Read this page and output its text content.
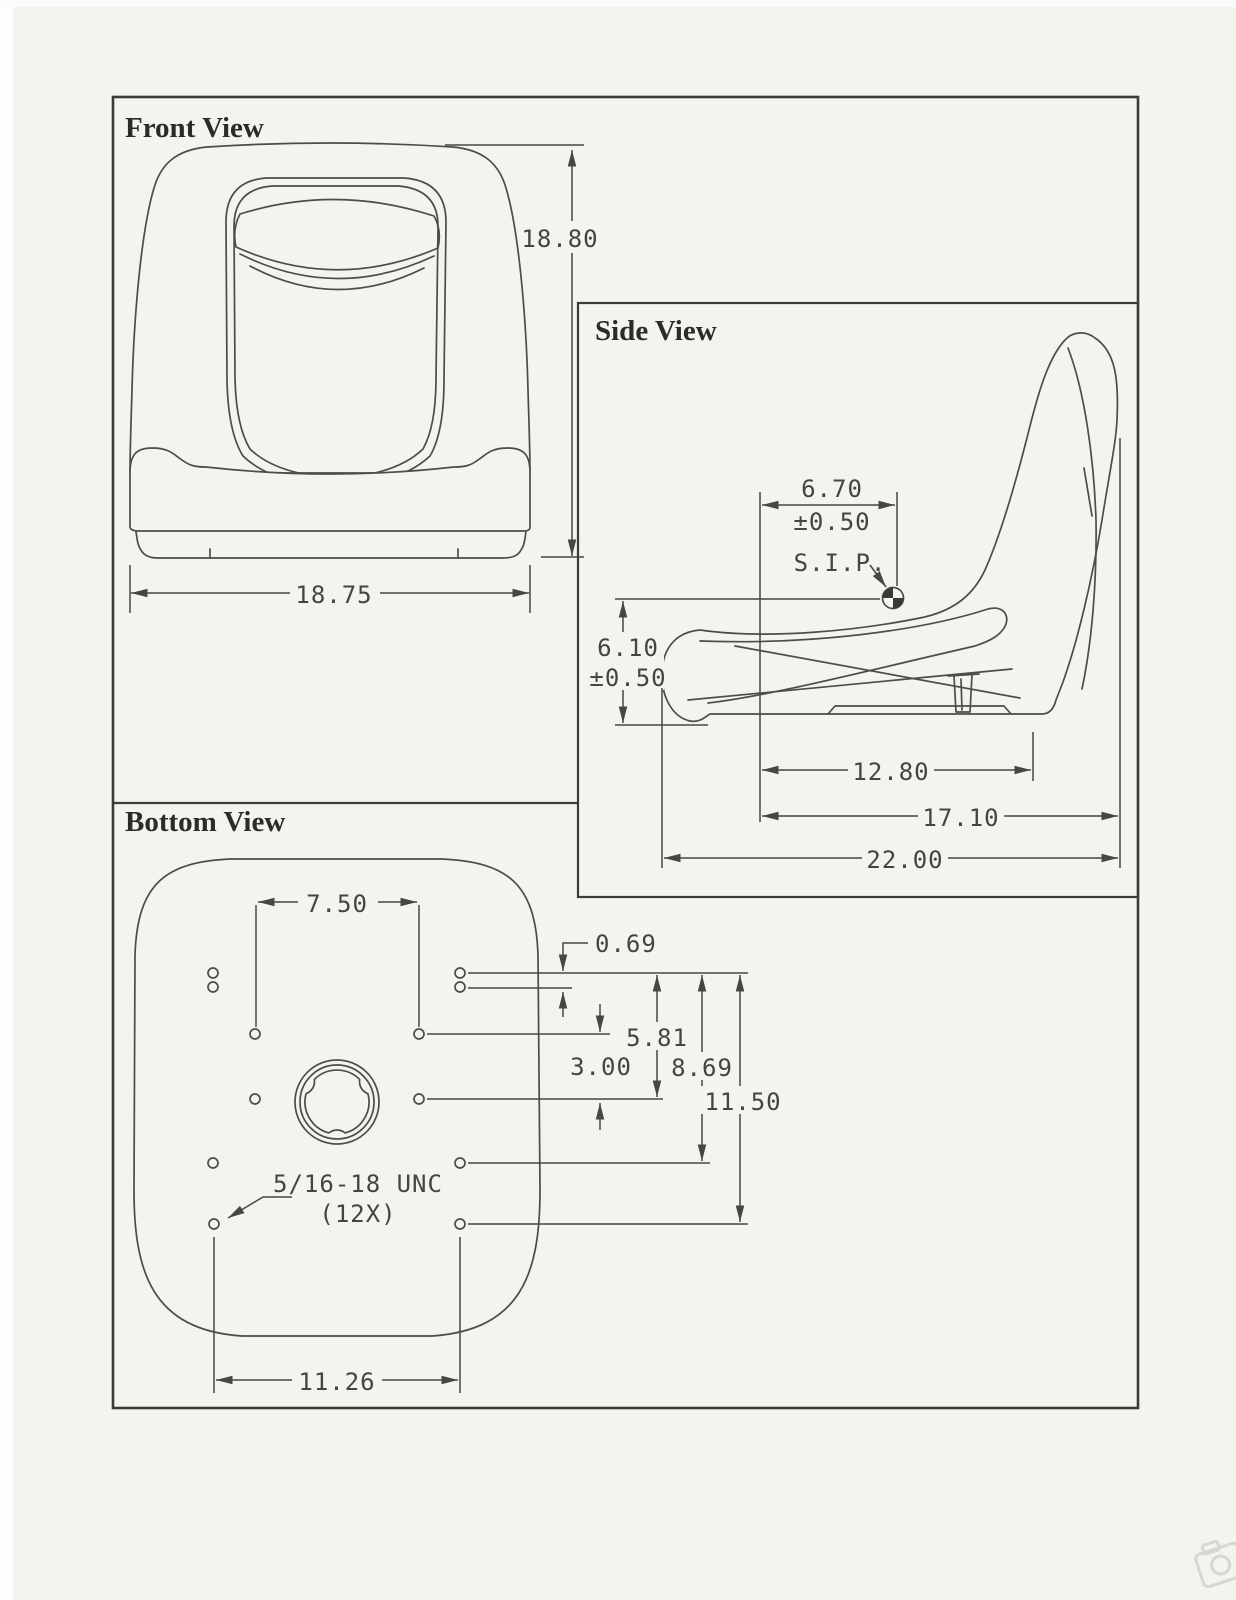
Front View
18.80
18.75
Side View
6.70
±0.50
S.I.P.
6.10
±0.50
12.80
17.10
22.00
Bottom View
7.50
0.69
5.81
3.00 8.69
11.50
5/16-18 UNC
(12X)
11.26
